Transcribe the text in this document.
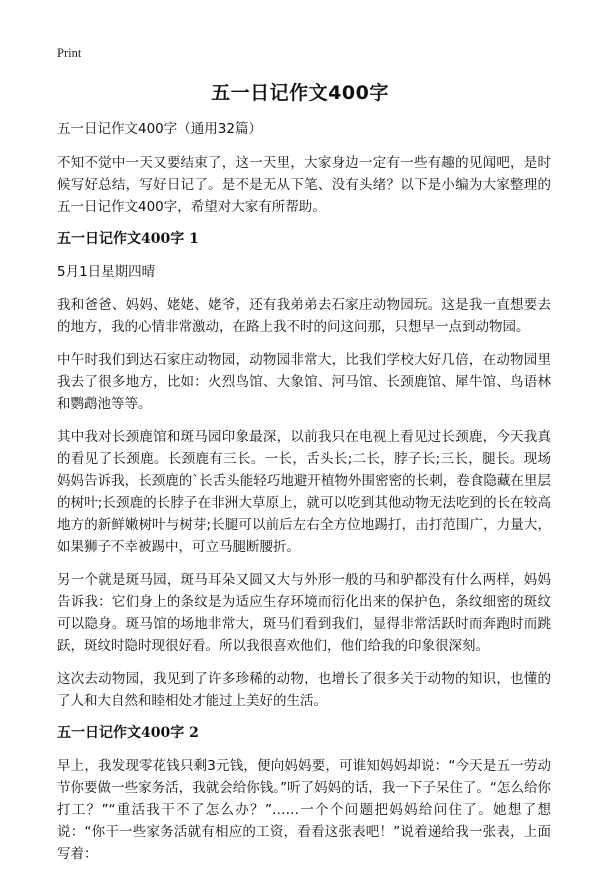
Print
五一日记作文400字
五一日记作文400字（通用32篇）

不知不觉中一天又要结束了，这一天里，大家身边一定有一些有趣的见闻吧，是时候写好总结，写好日记了。是不是无从下笔、没有头绪？以下是小编为大家整理的五一日记作文400字，希望对大家有所帮助。

五一日记作文400字 1
5月1日星期四晴

我和爸爸、妈妈、姥姥、姥爷，还有我弟弟去石家庄动物园玩。这是我一直想要去的地方，我的心情非常激动，在路上我不时的问这问那，只想早一点到动物园。

中午时我们到达石家庄动物园，动物园非常大，比我们学校大好几倍，在动物园里我去了很多地方，比如：火烈鸟馆、大象馆、河马馆、长颈鹿馆、犀牛馆、鸟语林和鹦鹉池等等。

其中我对长颈鹿馆和斑马园印象最深，以前我只在电视上看见过长颈鹿，今天我真的看见了长颈鹿。长颈鹿有三长。一长，舌头长;二长，脖子长;三长，腿长。现场妈妈告诉我，长颈鹿的`长舌头能轻巧地避开植物外围密密的长刺，卷食隐藏在里层的树叶;长颈鹿的长脖子在非洲大草原上，就可以吃到其他动物无法吃到的长在较高地方的新鲜嫩树叶与树芽;长腿可以前后左右全方位地踢打，击打范围广，力量大，如果狮子不幸被踢中，可立马腿断腰折。

另一个就是斑马园，斑马耳朵又圆又大与外形一般的马和驴都没有什么两样，妈妈告诉我：它们身上的条纹是为适应生存环境而衍化出来的保护色，条纹细密的斑纹可以隐身。斑马馆的场地非常大，斑马们看到我们，显得非常活跃时而奔跑时而跳跃，斑纹时隐时现很好看。所以我很喜欢他们，他们给我的印象很深刻。

这次去动物园，我见到了许多珍稀的动物，也增长了很多关于动物的知识，也懂的了人和大自然和睦相处才能过上美好的生活。

五一日记作文400字 2

早上，我发现零花钱只剩3元钱，便向妈妈要，可谁知妈妈却说：“今天是五一劳动节你要做一些家务活，我就会给你钱。”听了妈妈的话，我一下子呆住了。“怎么给你打工？”“重活我干不了怎么办？”……一个个问题把妈妈给问住了。她想了想说：“你干一些家务活就有相应的工资，看看这张表吧！”说着递给我一张表，上面写着：
